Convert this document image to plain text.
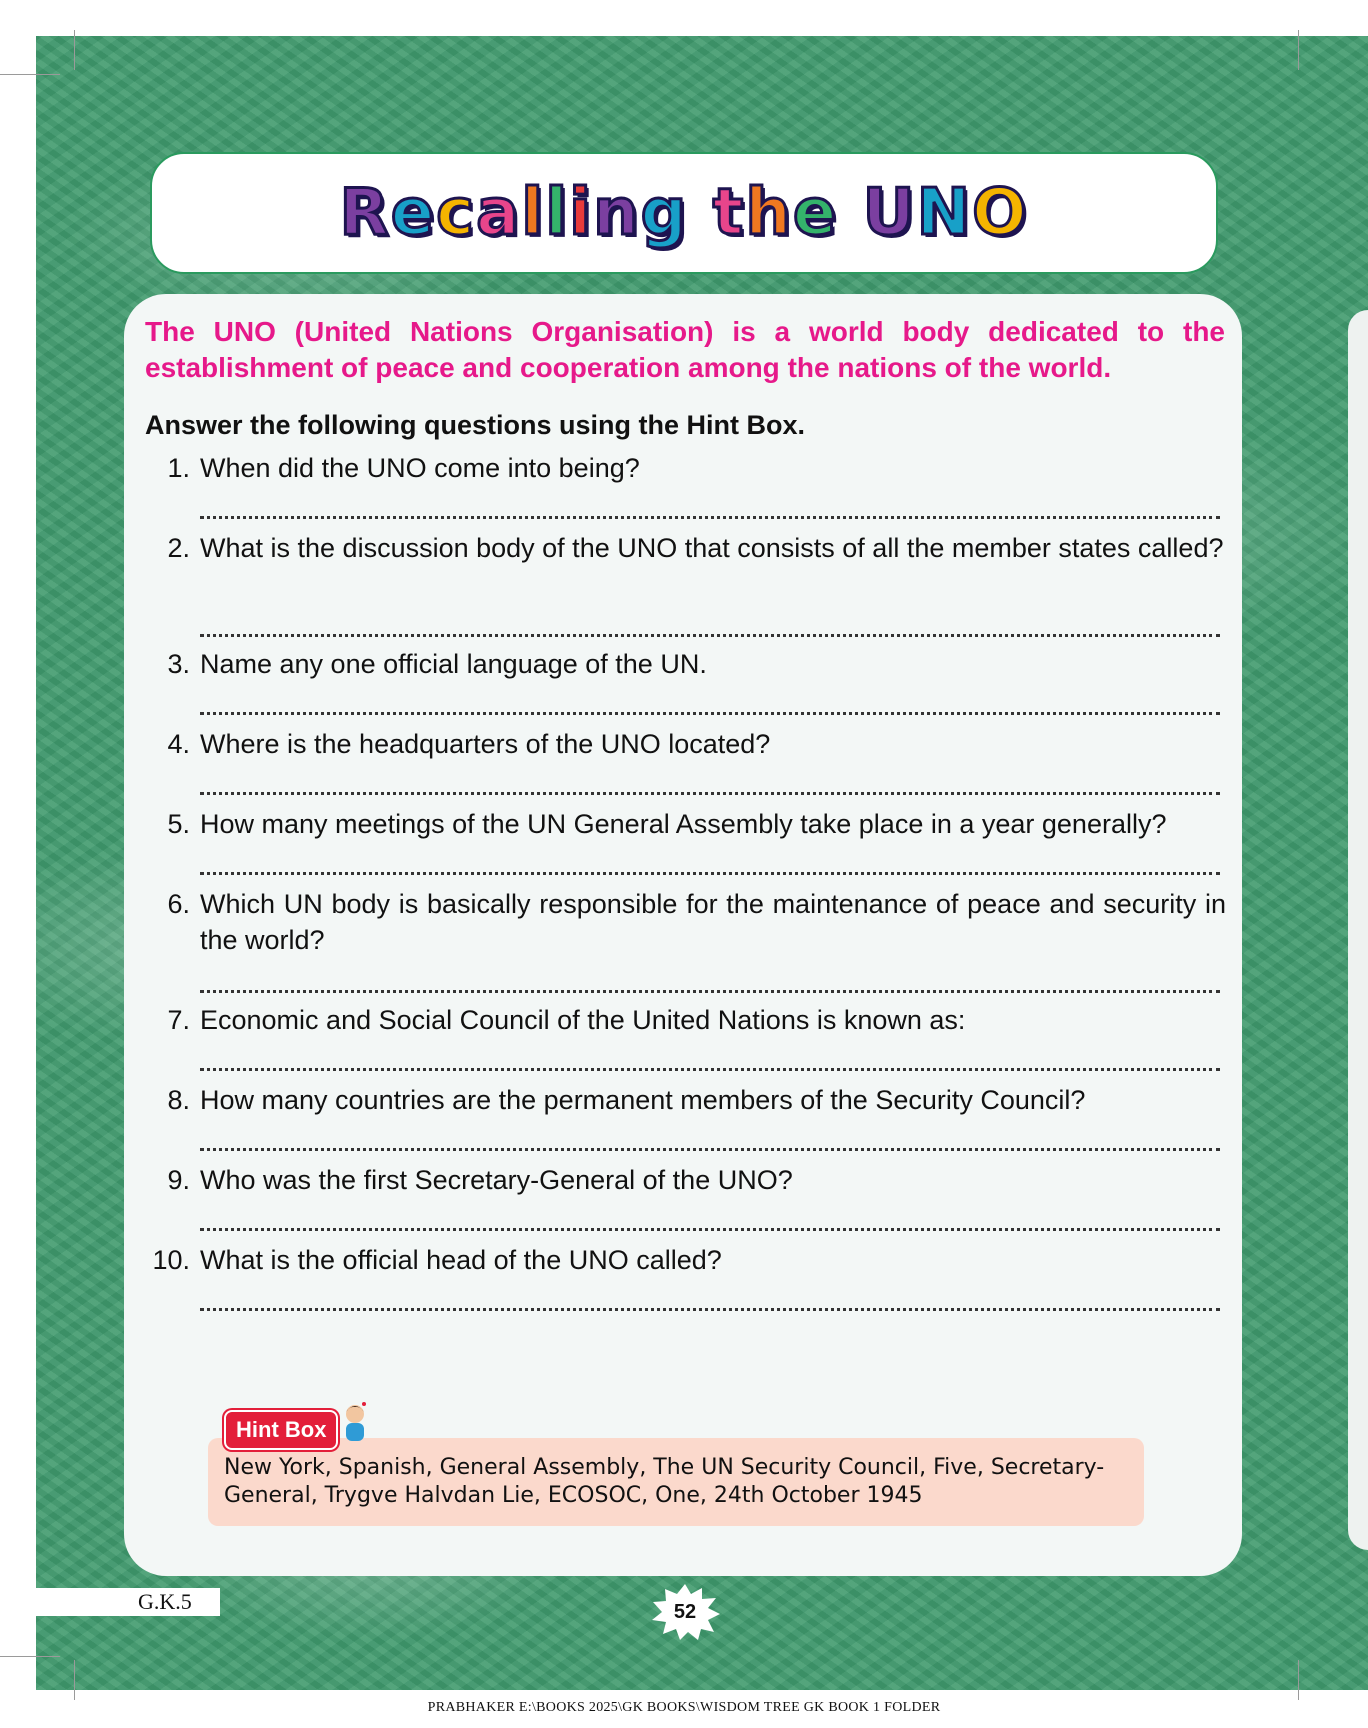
Recalling the UNO

The UNO (United Nations Organisation) is a world body dedicated to the establishment of peace and cooperation among the nations of the world.

Answer the following questions using the Hint Box.

1. When did the UNO come into being?

2. What is the discussion body of the UNO that consists of all the member states called?

3. Name any one official language of the UN.

4. Where is the headquarters of the UNO located?

5. How many meetings of the UN General Assembly take place in a year generally?

6. Which UN body is basically responsible for the maintenance of peace and security in the world?

7. Economic and Social Council of the United Nations is known as:

8. How many countries are the permanent members of the Security Council?

9. Who was the first Secretary-General of the UNO?

10. What is the official head of the UNO called?

New York, Spanish, General Assembly, The UN Security Council, Five, Secretary-General, Trygve Halvdan Lie, ECOSOC, One, 24th October 1945

Hint Box
G.K.5	52
PRABHAKER E:\BOOKS 2025\GK BOOKS\WISDOM TREE GK BOOK 1 FOLDER
